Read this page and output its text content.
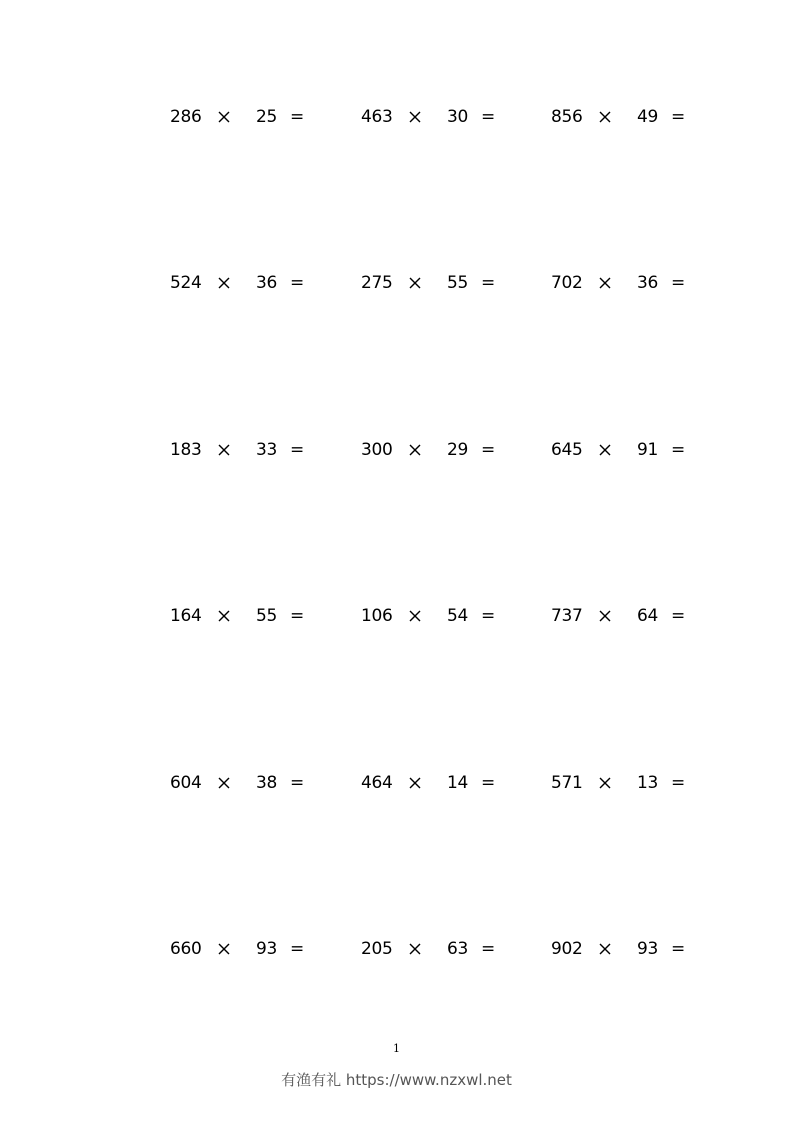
286	25 =	463	30 =	856	49 =
524	36 =	275	55 =	702	36 =
183	33 =	300	29 =	645	91 =
164	55 =	106	54 =	737	64 =
604	38 =	464	14 =	571	13 =
660	93 =	205	63 =	902	93 =
1
有渔有礼 https://www.nzxwl.net
